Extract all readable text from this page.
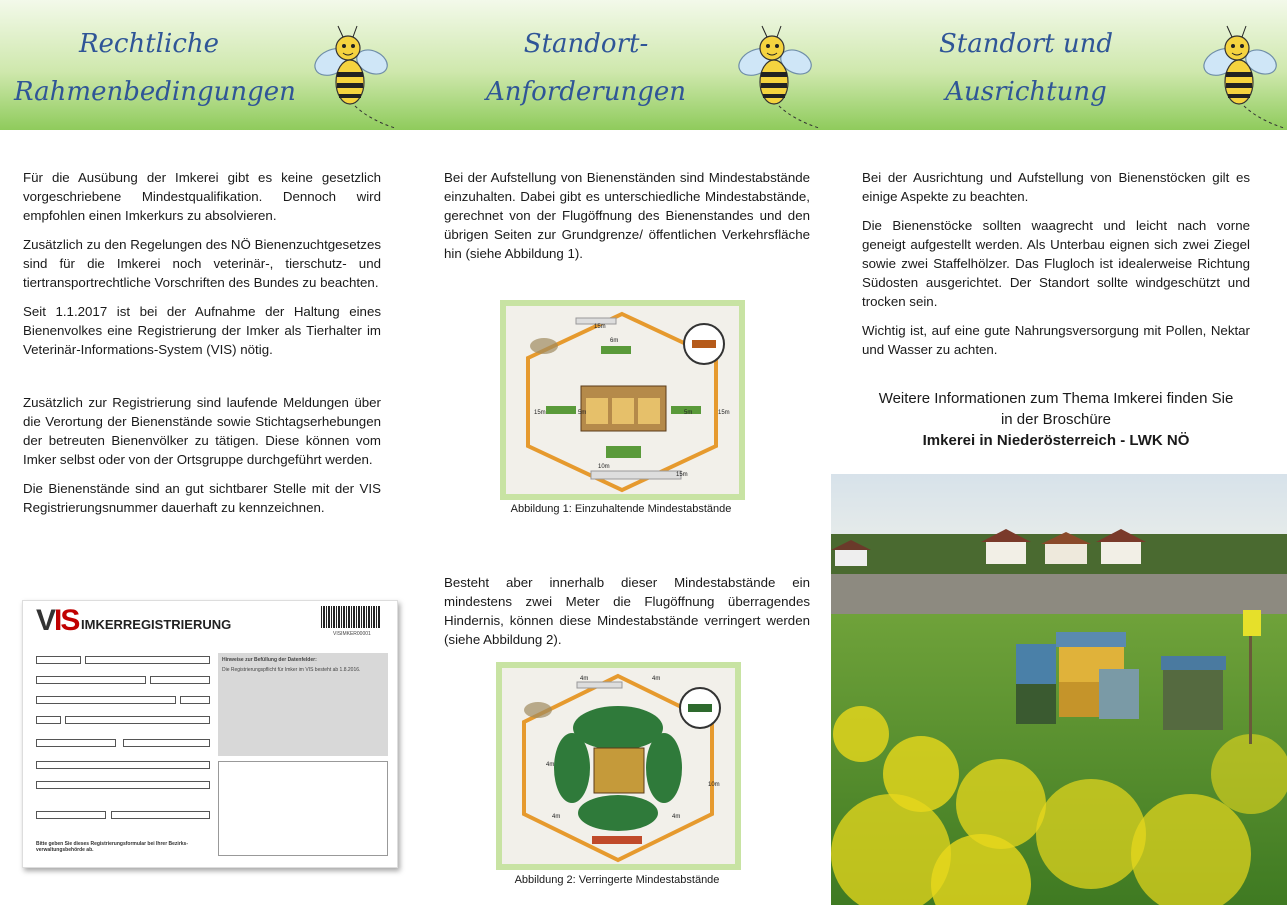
Rechtliche
Rahmenbedingungen
Standort-
Anforderungen
Standort und
Ausrichtung

Für die Ausübung der Imkerei gibt es keine gesetzlich vorgeschriebene Mindestqualifikation. Dennoch wird empfohlen einen Imkerkurs zu absolvieren.

Zusätzlich zu den Regelungen des NÖ Bienenzuchtgesetzes sind für die Imkerei noch veterinär-, tierschutz- und tiertransportrechtliche Vorschriften des Bundes zu beachten.

Seit 1.1.2017 ist bei der Aufnahme der Haltung eines Bienenvolkes eine Registrierung der Imker als Tierhalter im Veterinär-Informations-System (VIS) nötig.

Zusätzlich zur Registrierung sind laufende Meldungen über die Verortung der Bienenstände sowie Stichtagserhebungen der betreuten Bienenvölker zu tätigen. Diese können vom Imker selbst oder von der Ortsgruppe durchgeführt werden.

Die Bienenstände sind an gut sichtbarer Stelle mit der VIS Registrierungsnummer dauerhaft zu kennzeichnen.

VIS IMKERREGISTRIERUNG
VISIMKER00001
Hinweise zur Befüllung der Datenfelder:
Die Registrierungspflicht für Imker im VIS besteht ab 1.8.2016.
Bitte geben Sie dieses Registrierungsformular bei Ihrer Bezirks-verwaltungsbehörde ab.

Bei der Aufstellung von Bienenständen sind Mindestabstände einzuhalten. Dabei gibt es unterschiedliche Mindestabstände, gerechnet von der Flugöffnung des Bienenstandes und den übrigen Seiten zur Grundgrenze/ öffentlichen Verkehrsfläche hin (siehe Abbildung 1).

15m
6m
15m	5m	5m	15m
10m
15m
Abbildung 1: Einzuhaltende Mindestabstände

Besteht aber innerhalb dieser Mindestabstände ein mindestens zwei Meter die Flugöffnung überragendes Hindernis, können diese Mindestabstände verringert werden (siehe Abbildung 2).

4m	4m
4m
4m
10m
4m
Abbildung 2: Verringerte Mindestabstände

Bei der Ausrichtung und Aufstellung von Bienenstöcken gilt es einige Aspekte zu beachten.

Die Bienenstöcke sollten waagrecht und leicht nach vorne geneigt aufgestellt werden. Als Unterbau eignen sich zwei Ziegel sowie zwei Staffelhölzer. Das Flugloch ist idealerweise Richtung Südosten ausgerichtet. Der Standort sollte windgeschützt und trocken sein.

Wichtig ist, auf eine gute Nahrungsversorgung mit Pollen, Nektar und Wasser zu achten.

Weitere Informationen zum Thema Imkerei finden Sie
in der Broschüre
Imkerei in Niederösterreich - LWK NÖ
